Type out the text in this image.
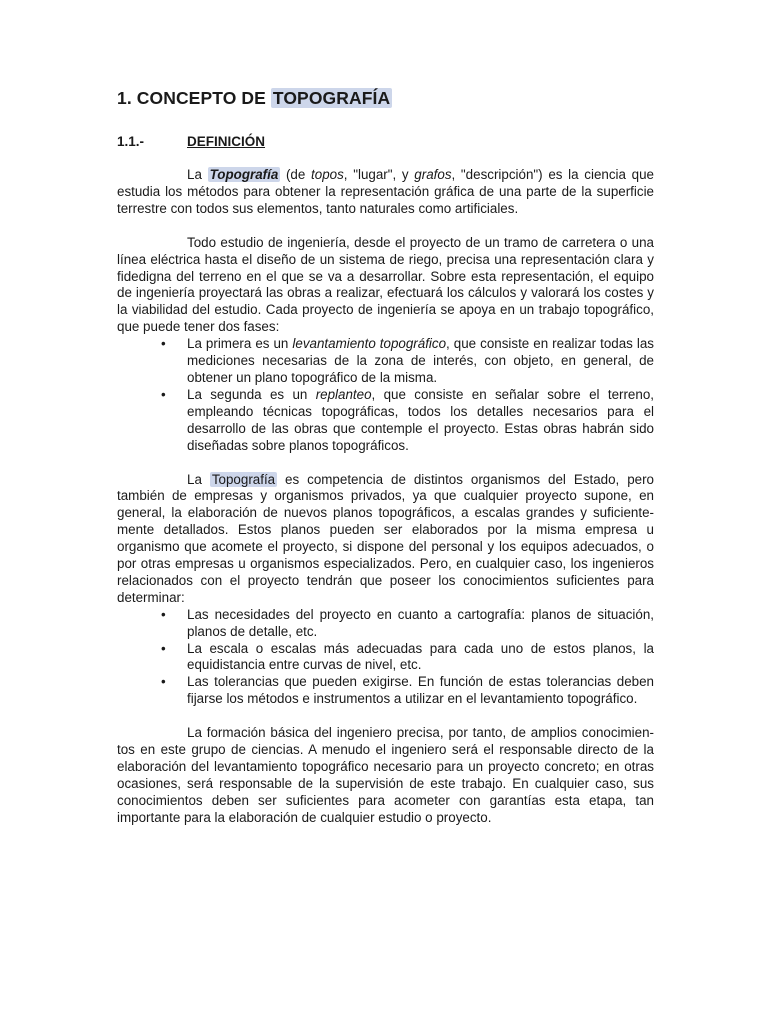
1. CONCEPTO DE TOPOGRAFÍA
1.1.-	DEFINICIÓN

La Topografía (de topos, "lugar", y grafos, "descripción") es la ciencia que estudia los métodos para obtener la representación gráfica de una parte de la superficie terrestre con todos sus elementos, tanto naturales como artificiales.

Todo estudio de ingeniería, desde el proyecto de un tramo de carretera o una línea eléctrica hasta el diseño de un sistema de riego, precisa una representación clara y fidedigna del terreno en el que se va a desarrollar. Sobre esta representación, el equipo de ingeniería proyectará las obras a realizar, efectuará los cálculos y valorará los costes y la viabilidad del estudio. Cada proyecto de ingeniería se apoya en un trabajo topográfico, que puede tener dos fases:

• La primera es un levantamiento topográfico, que consiste en realizar todas las mediciones necesarias de la zona de interés, con objeto, en general, de obtener un plano topográfico de la misma.
• La segunda es un replanteo, que consiste en señalar sobre el terreno, empleando técnicas topográficas, todos los detalles necesarios para el desarrollo de las obras que contemple el proyecto. Estas obras habrán sido diseñadas sobre planos topográficos.

La Topografía es competencia de distintos organismos del Estado, pero también de empresas y organismos privados, ya que cualquier proyecto supone, en general, la elaboración de nuevos planos topográficos, a escalas grandes y suficiente-mente detallados. Estos planos pueden ser elaborados por la misma empresa u organismo que acomete el proyecto, si dispone del personal y los equipos adecuados, o por otras empresas u organismos especializados. Pero, en cualquier caso, los ingenieros relacionados con el proyecto tendrán que poseer los conocimientos suficientes para determinar:

• Las necesidades del proyecto en cuanto a cartografía: planos de situación, planos de detalle, etc.
• La escala o escalas más adecuadas para cada uno de estos planos, la equidistancia entre curvas de nivel, etc.
• Las tolerancias que pueden exigirse. En función de estas tolerancias deben fijarse los métodos e instrumentos a utilizar en el levantamiento topográfico.

La formación básica del ingeniero precisa, por tanto, de amplios conocimien-tos en este grupo de ciencias. A menudo el ingeniero será el responsable directo de la elaboración del levantamiento topográfico necesario para un proyecto concreto; en otras ocasiones, será responsable de la supervisión de este trabajo. En cualquier caso, sus conocimientos deben ser suficientes para acometer con garantías esta etapa, tan importante para la elaboración de cualquier estudio o proyecto.
